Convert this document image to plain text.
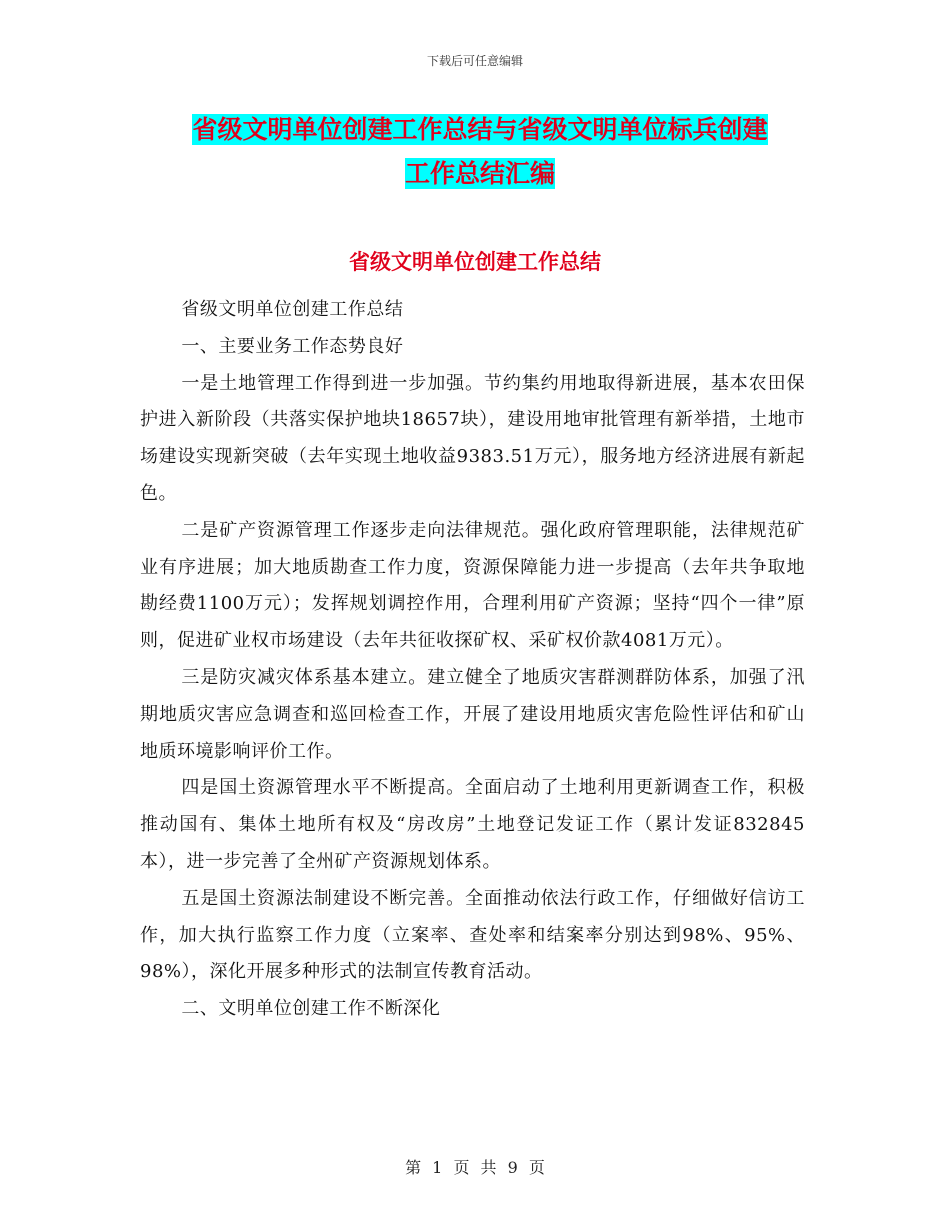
下载后可任意编辑
省级文明单位创建工作总结与省级文明单位标兵创建
工作总结汇编
省级文明单位创建工作总结

省级文明单位创建工作总结

一、主要业务工作态势良好

一是土地管理工作得到进一步加强。节约集约用地取得新进展，基本农田保护进入新阶段（共落实保护地块18657块），建设用地审批管理有新举措，土地市场建设实现新突破（去年实现土地收益9383.51万元），服务地方经济进展有新起色。

二是矿产资源管理工作逐步走向法律规范。强化政府管理职能，法律规范矿业有序进展；加大地质勘查工作力度，资源保障能力进一步提高（去年共争取地勘经费1100万元）；发挥规划调控作用，合理利用矿产资源；坚持“四个一律”原则，促进矿业权市场建设（去年共征收探矿权、采矿权价款4081万元）。

三是防灾减灾体系基本建立。建立健全了地质灾害群测群防体系，加强了汛期地质灾害应急调查和巡回检查工作，开展了建设用地质灾害危险性评估和矿山地质环境影响评价工作。

四是国土资源管理水平不断提高。全面启动了土地利用更新调查工作，积极推动国有、集体土地所有权及“房改房”土地登记发证工作（累计发证832845本），进一步完善了全州矿产资源规划体系。

五是国土资源法制建设不断完善。全面推动依法行政工作，仔细做好信访工作，加大执行监察工作力度（立案率、查处率和结案率分别达到98%、95%、98%），深化开展多种形式的法制宣传教育活动。

二、文明单位创建工作不断深化

第 1 页 共 9 页
